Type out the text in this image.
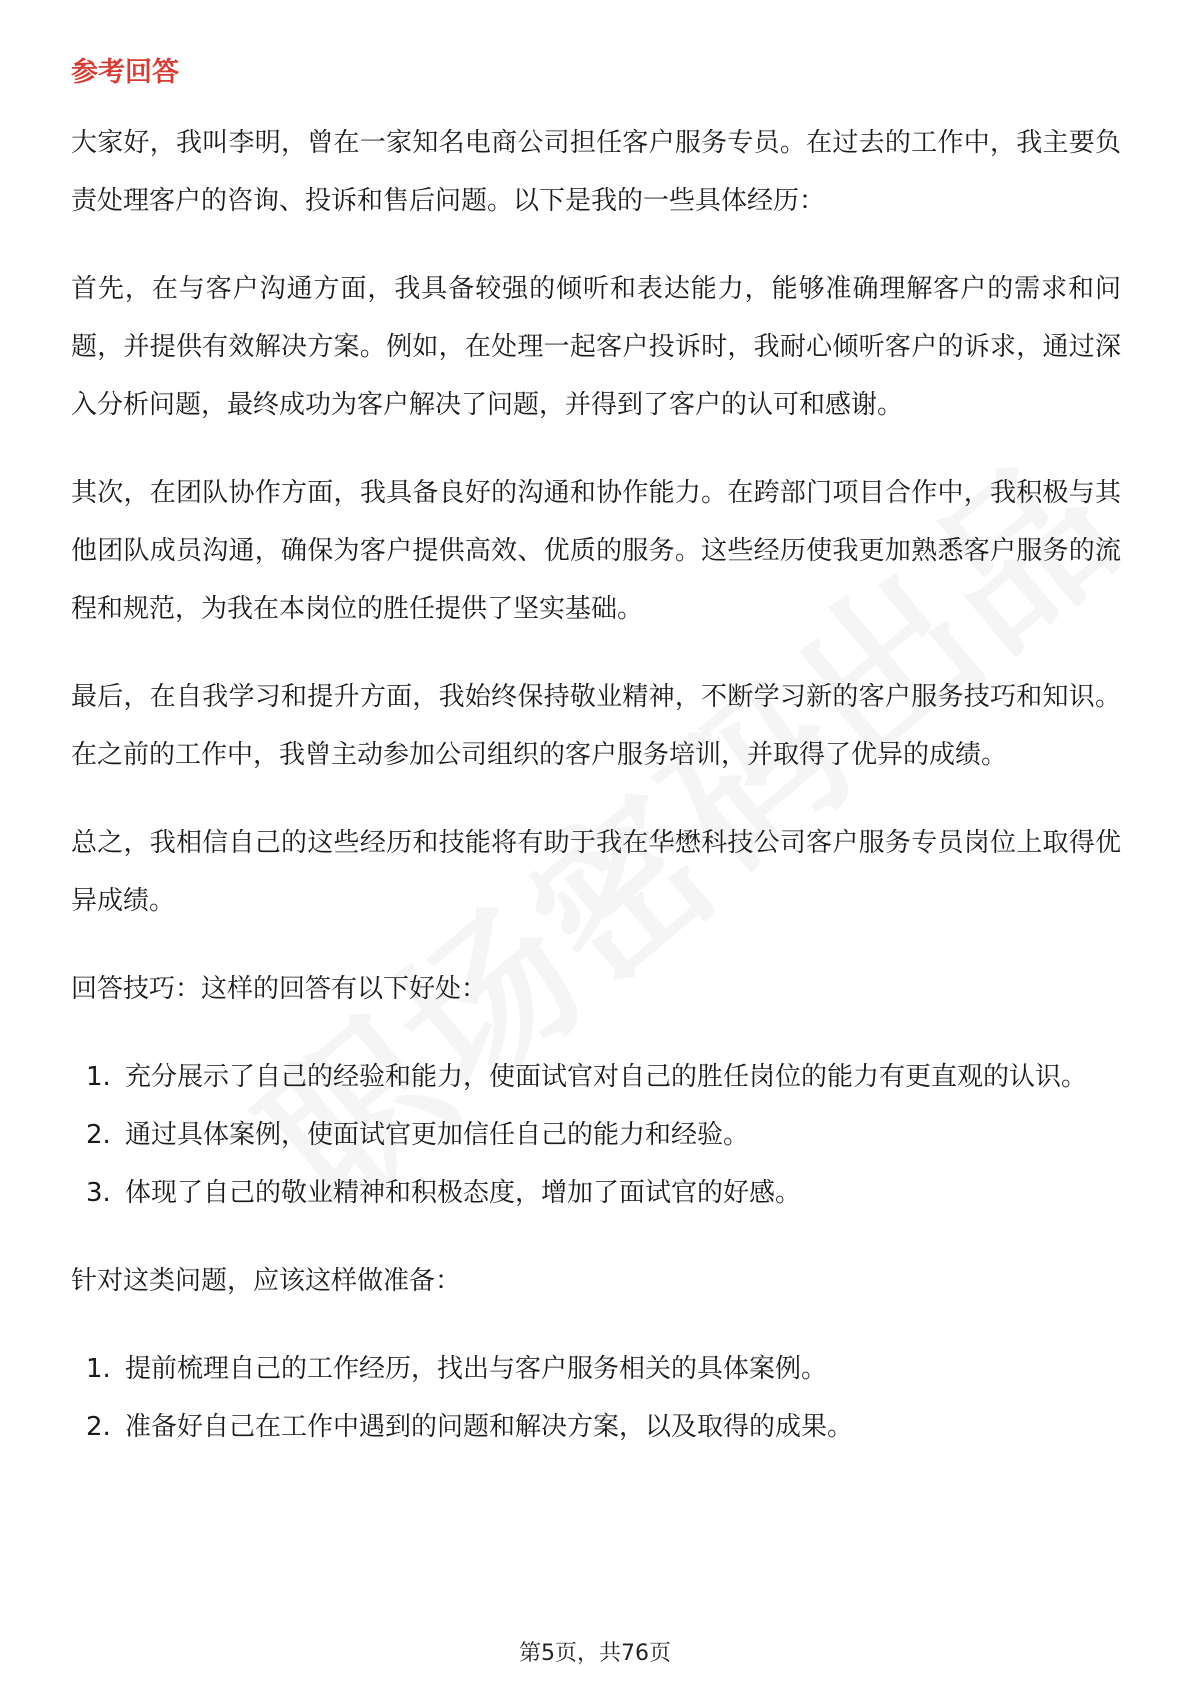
参考回答

大家好，我叫李明，曾在一家知名电商公司担任客户服务专员。在过去的工作中，我主要负责处理客户的咨询、投诉和售后问题。以下是我的一些具体经历：

首先，在与客户沟通方面，我具备较强的倾听和表达能力，能够准确理解客户的需求和问题，并提供有效解决方案。例如，在处理一起客户投诉时，我耐心倾听客户的诉求，通过深入分析问题，最终成功为客户解决了问题，并得到了客户的认可和感谢。

其次，在团队协作方面，我具备良好的沟通和协作能力。在跨部门项目合作中，我积极与其他团队成员沟通，确保为客户提供高效、优质的服务。这些经历使我更加熟悉客户服务的流程和规范，为我在本岗位的胜任提供了坚实基础。

最后，在自我学习和提升方面，我始终保持敬业精神，不断学习新的客户服务技巧和知识。在之前的工作中，我曾主动参加公司组织的客户服务培训，并取得了优异的成绩。

总之，我相信自己的这些经历和技能将有助于我在华懋科技公司客户服务专员岗位上取得优异成绩。

回答技巧：这样的回答有以下好处：

1. 充分展示了自己的经验和能力，使面试官对自己的胜任岗位的能力有更直观的认识。
2. 通过具体案例，使面试官更加信任自己的能力和经验。
3. 体现了自己的敬业精神和积极态度，增加了面试官的好感。

针对这类问题，应该这样做准备：

1. 提前梳理自己的工作经历，找出与客户服务相关的具体案例。
2. 准备好自己在工作中遇到的问题和解决方案，以及取得的成果。
第5页，共76页
